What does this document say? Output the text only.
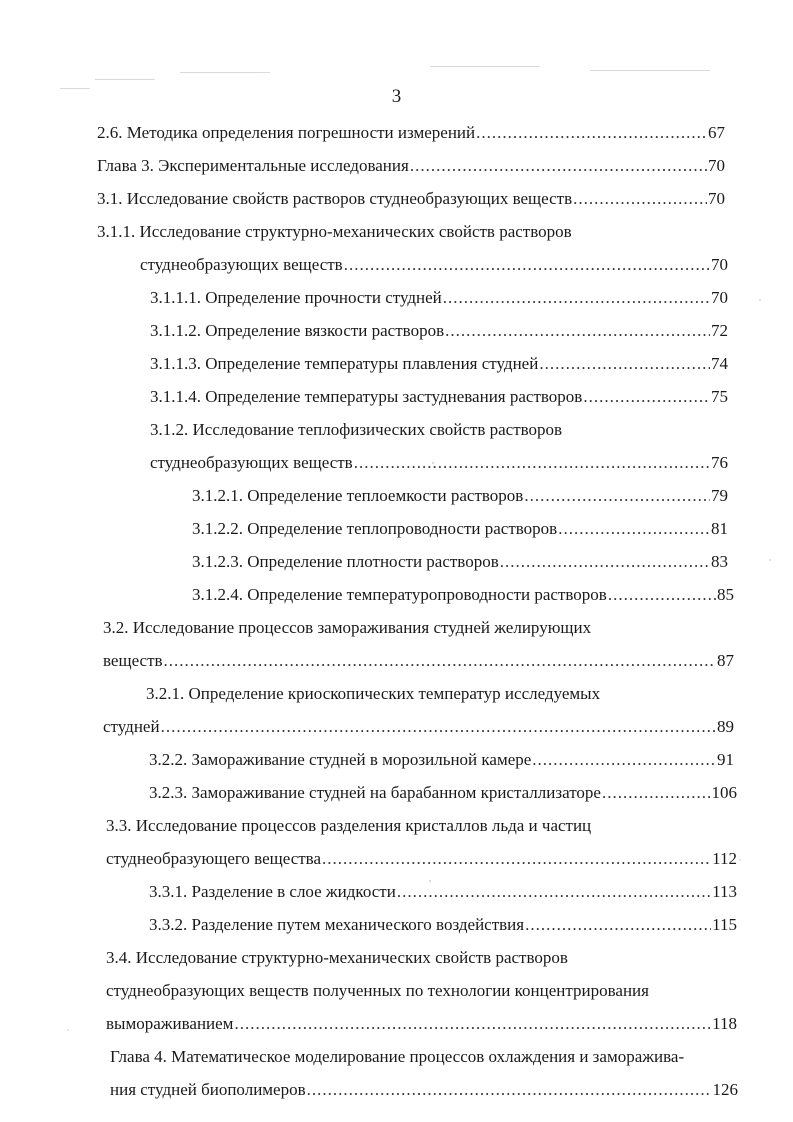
3
2.6. Методика определения погрешности измерений .....	67
Глава 3. Экспериментальные исследования .....	70
3.1. Исследование свойств растворов студнеобразующих веществ .....	70
3.1.1. Исследование структурно-механических свойств растворов
студнеобразующих веществ .....	70
3.1.1.1. Определение прочности студней .....	70
3.1.1.2. Определение вязкости растворов .....	72
3.1.1.3. Определение температуры плавления студней .....	74
3.1.1.4. Определение температуры застудневания растворов .....	75
3.1.2. Исследование теплофизических свойств растворов
студнеобразующих веществ .....	76
3.1.2.1. Определение теплоемкости растворов .....	79
3.1.2.2. Определение теплопроводности растворов .....	81
3.1.2.3. Определение плотности растворов .....	83
3.1.2.4. Определение температуропроводности растворов .....	85
3.2. Исследование процессов замораживания студней желирующих
веществ .....	87
3.2.1. Определение криоскопических температур исследуемых
студней .....	89
3.2.2. Замораживание студней в морозильной камере .....	91
3.2.3. Замораживание студней на барабанном кристаллизаторе .....	106
3.3. Исследование процессов разделения кристаллов льда и частиц
студнеобразующего вещества .....	112
3.3.1. Разделение в слое жидкости .....	113
3.3.2. Разделение путем механического воздействия .....	115
3.4. Исследование структурно-механических свойств растворов
студнеобразующих веществ полученных по технологии концентрирования
вымораживанием .....	118
Глава 4. Математическое моделирование процессов охлаждения и заморажива-
ния студней биополимеров .....	126
